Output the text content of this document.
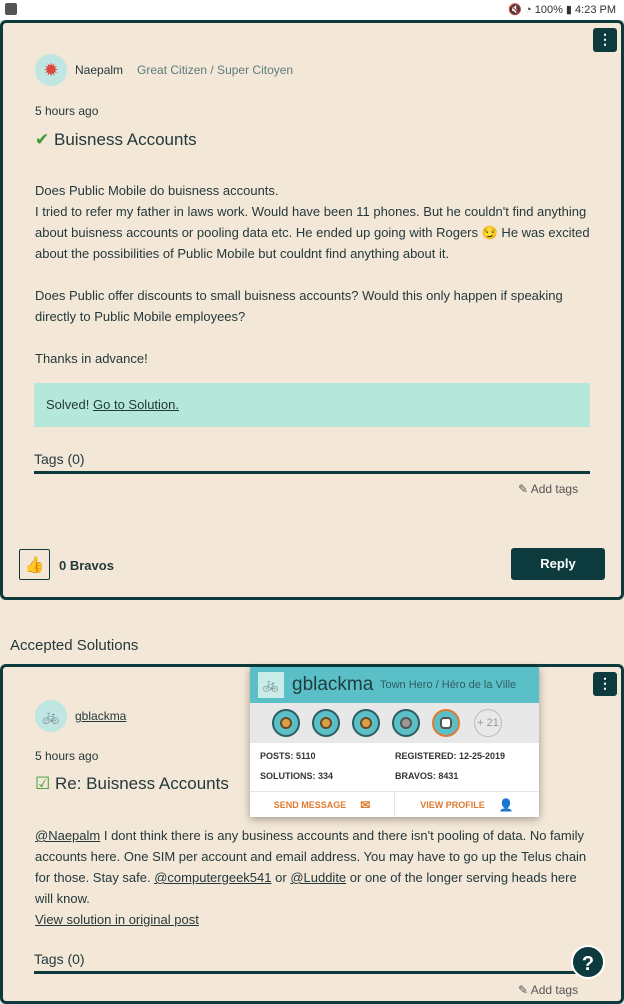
🔇 ◔ 100% ▮ 4:23 PM
⋮
✹ Naepalm Great Citizen / Super Citoyen
5 hours ago
✔ Buisness Accounts
Does Public Mobile do buisness accounts.
I tried to refer my father in laws work. Would have been 11 phones. But he couldn't find anything about buisness accounts or pooling data etc. He ended up going with Rogers 😏 He was excited about the possibilities of Public Mobile but couldnt find anything about it.
Does Public offer discounts to small buisness accounts? Would this only happen if speaking directly to Public Mobile employees?
Thanks in advance!
Solved! Go to Solution.
Tags (0)
✎ Add tags
👍 0 Bravos	Reply
Accepted Solutions
⋮
🚲 gblackma
5 hours ago
☑ Re: Buisness Accounts
@Naepalm I dont think there is any business accounts and there isn't pooling of data. No family accounts here. One SIM per account and email address. You may have to go up the Telus chain for those. Stay safe. @computergeek541 or @Luddite or one of the longer serving heads here will know.
View solution in original post
Tags (0)
✎ Add tags
🚲 gblackma Town Hero / Héro de la Ville
+ 21
POSTS: 5110	REGISTERED: 12-25-2019
SOLUTIONS: 334	BRAVOS: 8431
SEND MESSAGE ✉	VIEW PROFILE 👤
?
